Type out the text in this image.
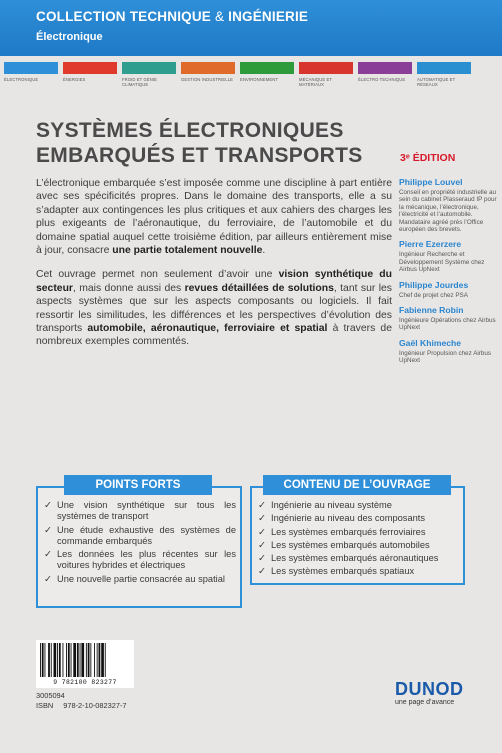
COLLECTION TECHNIQUE & INGÉNIERIE
Électronique
ÉLECTRONIQUE	ÉNERGIES	FROID ET GÉNIE CLIMATIQUE
GESTION INDUSTRIELLE	ENVIRONNEMENT	MÉCANIQUE ET MATÉRIAUX
ÉLECTRO TECHNIQUE	AUTOMATIQUE ET RÉSEAUX
SYSTÈMES ÉLECTRONIQUES
EMBARQUÉS ET TRANSPORTS	3ᵉ ÉDITION

L’électronique embarquée s’est imposée comme une discipline à part entière avec ses spécificités propres. Dans le domaine des transports, elle a su s’adapter aux contingences les plus critiques et aux cahiers des charges les plus exigeants de l’aéronautique, du ferroviaire, de l’automobile et du domaine spatial auquel cette troisième édition, par ailleurs entièrement mise à jour, consacre une partie totalement nouvelle.

Cet ouvrage permet non seulement d’avoir une vision synthétique du secteur, mais donne aussi des revues détaillées de solutions, tant sur les aspects systèmes que sur les aspects composants ou logiciels. Il fait ressortir les similitudes, les différences et les perspectives d’évolution des transports automobile, aéronautique, ferroviaire et spatial à travers de nombreux exemples commentés.

Philippe Louvel
Conseil en propriété industrielle au sein du cabinet Plasseraud IP pour la mécanique, l’électronique, l’électricité et l’automobile. Mandataire agréé près l’Office européen des brevets.
Pierre Ezerzere
Ingénieur Recherche et Développement Système chez Airbus UpNext
Philippe Jourdes
Chef de projet chez PSA
Fabienne Robin
Ingénieure Opérations chez Airbus UpNext
Gaël Khimeche
Ingénieur Propulsion chez Airbus UpNext
POINTS FORTS
✓ Une vision synthétique sur tous les systèmes de transport
✓ Une étude exhaustive des systèmes de commande embarqués
✓ Les données les plus récentes sur les voitures hybrides et électriques
✓ Une nouvelle partie consacrée au spatial
CONTENU DE L’OUVRAGE
✓ Ingénierie au niveau système
✓ Ingénierie au niveau des composants
✓ Les systèmes embarqués ferroviaires
✓ Les systèmes embarqués automobiles
✓ Les systèmes embarqués aéronautiques
✓ Les systèmes embarqués spatiaux
9 782100 823277
3005094
ISBN 978-2-10-082327-7
DUNOD
une page d’avance
